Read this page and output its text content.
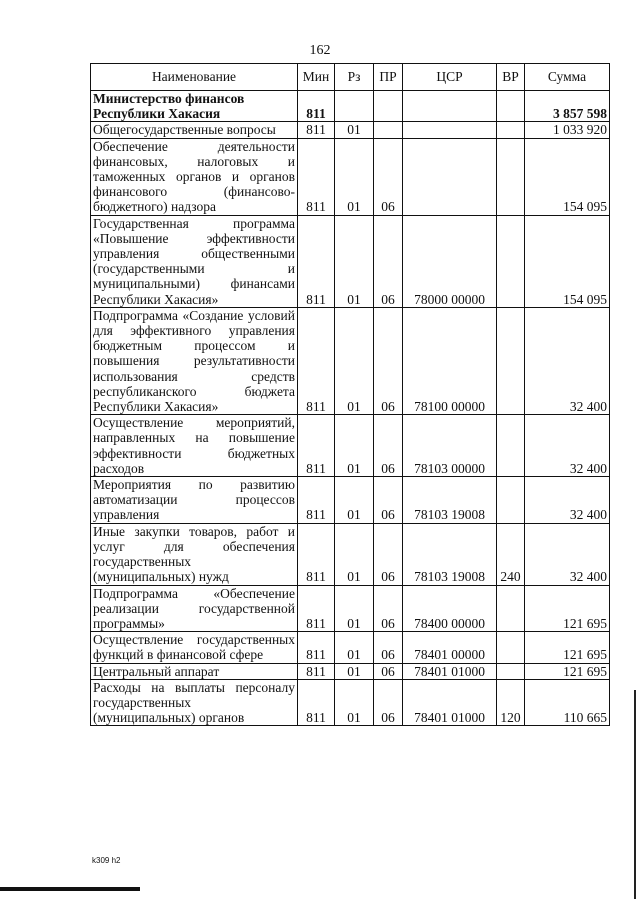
162
Наименование	Мин	Рз	ПР	ЦСР	ВР	Сумма
Министерство финансов Республики Хакасия	811					3 857 598
Общегосударственные вопросы	811	01				1 033 920
Обеспечение деятельности финансовых, налоговых и таможенных органов и органов финансового (финансово-бюджетного) надзора	811	01	06			154 095
Государственная программа «Повышение эффективности управления общественными (государственными и муниципальными) финансами Республики Хакасия»	811	01	06	78000 00000		154 095
Подпрограмма «Создание условий для эффективного управления бюджетным процессом и повышения результативности использования средств республиканского бюджета Республики Хакасия»	811	01	06	78100 00000		32 400
Осуществление мероприятий, направленных на повышение эффективности бюджетных расходов	811	01	06	78103 00000		32 400
Мероприятия по развитию автоматизации процессов управления	811	01	06	78103 19008		32 400
Иные закупки товаров, работ и услуг для обеспечения государственных (муниципальных) нужд	811	01	06	78103 19008	240	32 400
Подпрограмма «Обеспечение реализации государственной программы»	811	01	06	78400 00000		121 695
Осуществление государственных функций в финансовой сфере	811	01	06	78401 00000		121 695
Центральный аппарат	811	01	06	78401 01000		121 695
Расходы на выплаты персоналу государственных (муниципальных) органов	811	01	06	78401 01000	120	110 665
k309 h2
